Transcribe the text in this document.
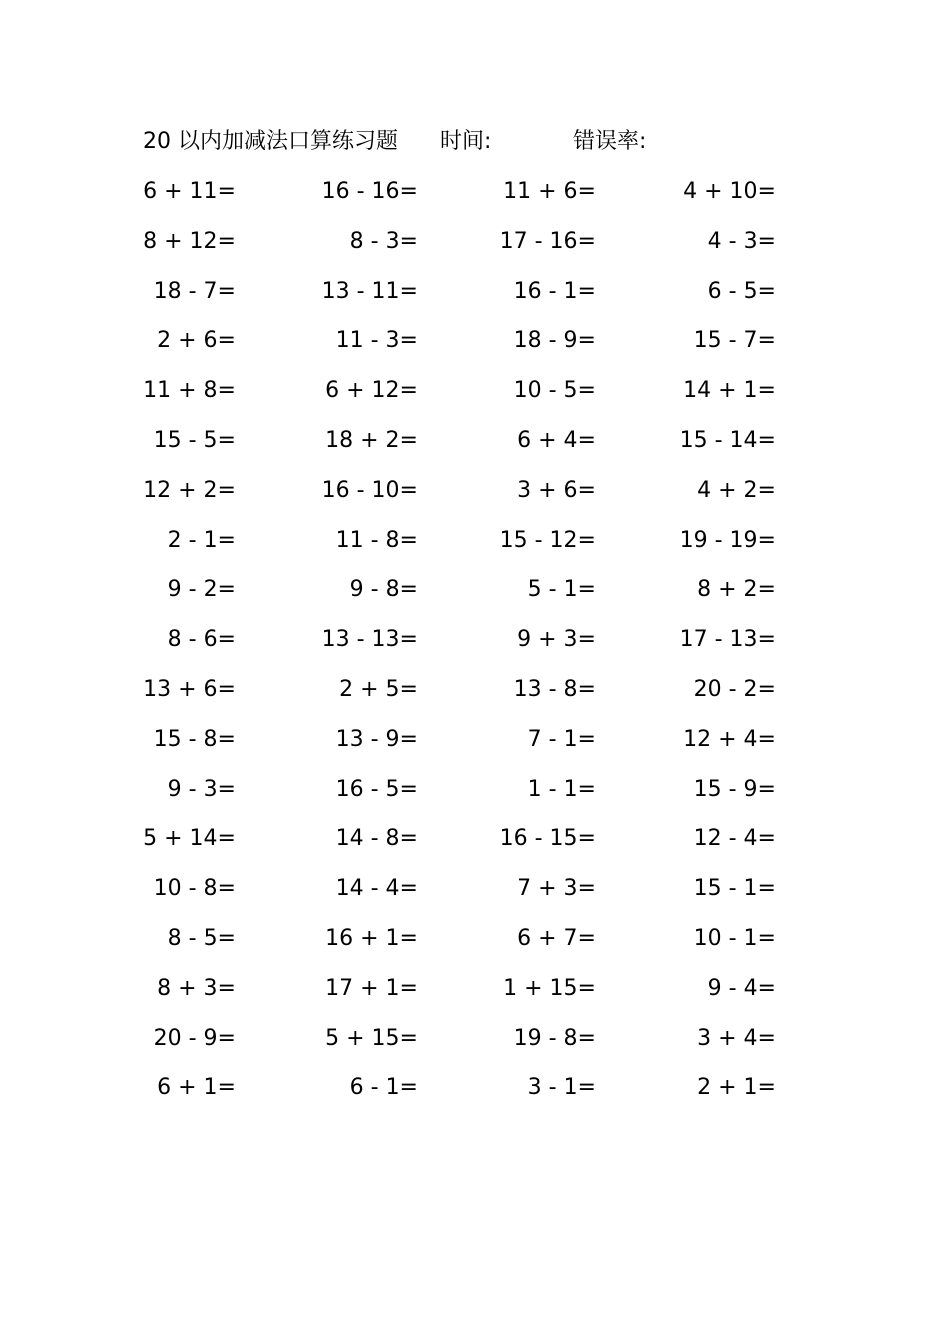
20 以内加减法口算练习题 时间:	错误率:
6 + 11=	16 - 16=	11 + 6=	4 + 10=
8 + 12=	8 - 3=	17 - 16=	4 - 3=
18 - 7=	13 - 11=	16 - 1=	6 - 5=
2 + 6=	11 - 3=	18 - 9=	15 - 7=
11 + 8=	6 + 12=	10 - 5=	14 + 1=
15 - 5=	18 + 2=	6 + 4=	15 - 14=
12 + 2=	16 - 10=	3 + 6=	4 + 2=
2 - 1=	11 - 8=	15 - 12=	19 - 19=
9 - 2=	9 - 8=	5 - 1=	8 + 2=
8 - 6=	13 - 13=	9 + 3=	17 - 13=
13 + 6=	2 + 5=	13 - 8=	20 - 2=
15 - 8=	13 - 9=	7 - 1=	12 + 4=
9 - 3=	16 - 5=	1 - 1=	15 - 9=
5 + 14=	14 - 8=	16 - 15=	12 - 4=
10 - 8=	14 - 4=	7 + 3=	15 - 1=
8 - 5=	16 + 1=	6 + 7=	10 - 1=
8 + 3=	17 + 1=	1 + 15=	9 - 4=
20 - 9=	5 + 15=	19 - 8=	3 + 4=
6 + 1=	6 - 1=	3 - 1=	2 + 1=
